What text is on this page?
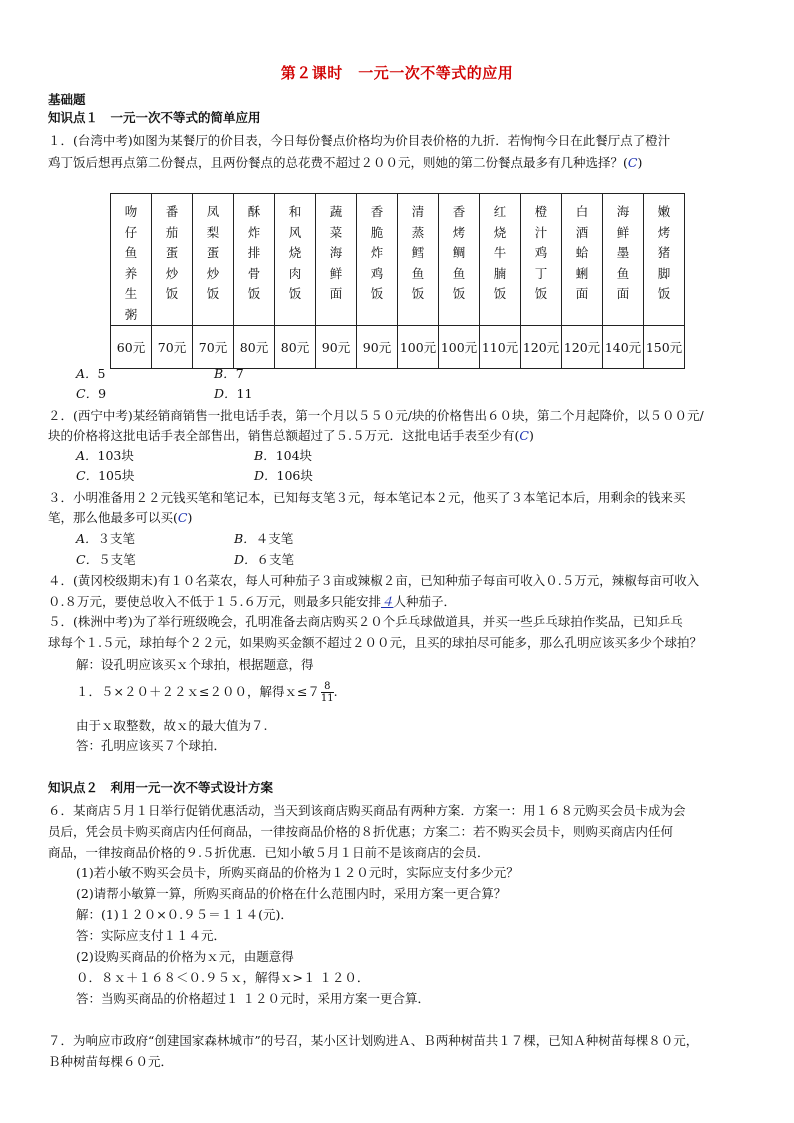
第２课时　一元一次不等式的应用
基础题
知识点１　一元一次不等式的简单应用
１．(台湾中考)如图为某餐厅的价目表，今日每份餐点价格均为价目表价格的九折．若恂恂今日在此餐厅点了橙汁
鸡丁饭后想再点第二份餐点，且两份餐点的总花费不超过２００元，则她的第二份餐点最多有几种选择？(C)
吻仔鱼养生粥	番茄蛋炒饭	凤梨蛋炒饭	酥炸排骨饭	和风烧肉饭	蔬菜海鲜面	香脆炸鸡饭	清蒸鳕鱼饭	香烤鲷鱼饭	红烧牛腩饭	橙汁鸡丁饭	白酒蛤蜊面	海鲜墨鱼面	嫩烤猪脚饭

60元	70元	70元	80元	80元	90元	90元	100元	100元	110元	120元	120元	140元	150元
A．5	B．7
C．9	D．11
２．(西宁中考)某经销商销售一批电话手表，第一个月以５５０元/块的价格售出６０块，第二个月起降价，以５００元/
块的价格将这批电话手表全部售出，销售总额超过了５.５万元．这批电话手表至少有(C)
A．103块	B．104块
C．105块	D．106块
３．小明准备用２２元钱买笔和笔记本，已知每支笔３元，每本笔记本２元，他买了３本笔记本后，用剩余的钱来买
笔，那么他最多可以买(C)
A．３支笔	B．４支笔
C．５支笔	D．６支笔
４．(黄冈校级期末)有１０名菜农，每人可种茄子３亩或辣椒２亩，已知种茄子每亩可收入０.５万元，辣椒每亩可收入
０.８万元，要使总收入不低于１５.６万元，则最多只能安排４人种茄子．
５．(株洲中考)为了举行班级晚会，孔明准备去商店购买２０个乒乓球做道具，并买一些乒乓球拍作奖品，已知乒乓
球每个１.５元，球拍每个２２元，如果购买金额不超过２００元，且买的球拍尽可能多，那么孔明应该买多少个球拍？
解：设孔明应该买ｘ个球拍，根据题意，得
１．５×２０＋２２ｘ≤２００，解得ｘ≤７ $\frac{8}{11}$ .
由于ｘ取整数，故ｘ的最大值为７.
答：孔明应该买７个球拍．
知识点２　利用一元一次不等式设计方案
６．某商店５月１日举行促销优惠活动，当天到该商店购买商品有两种方案．方案一：用１６８元购买会员卡成为会
员后，凭会员卡购买商店内任何商品，一律按商品价格的８折优惠；方案二：若不购买会员卡，则购买商店内任何
商品，一律按商品价格的９.５折优惠．已知小敏５月１日前不是该商店的会员．
(1)若小敏不购买会员卡，所购买商品的价格为１２０元时，实际应支付多少元？
(2)请帮小敏算一算，所购买商品的价格在什么范围内时，采用方案一更合算？
解：(1)１２０×０.９５＝１１４(元)．
答：实际应支付１１４元．
(2)设购买商品的价格为ｘ元，由题意得
０．８ｘ＋１６８＜０.９５ｘ，解得ｘ>１ １２０．
答：当购买商品的价格超过１ １２０元时，采用方案一更合算．
７．为响应市政府“创建国家森林城市”的号召，某小区计划购进Ａ、Ｂ两种树苗共１７棵，已知Ａ种树苗每棵８０元，
Ｂ种树苗每棵６０元．
